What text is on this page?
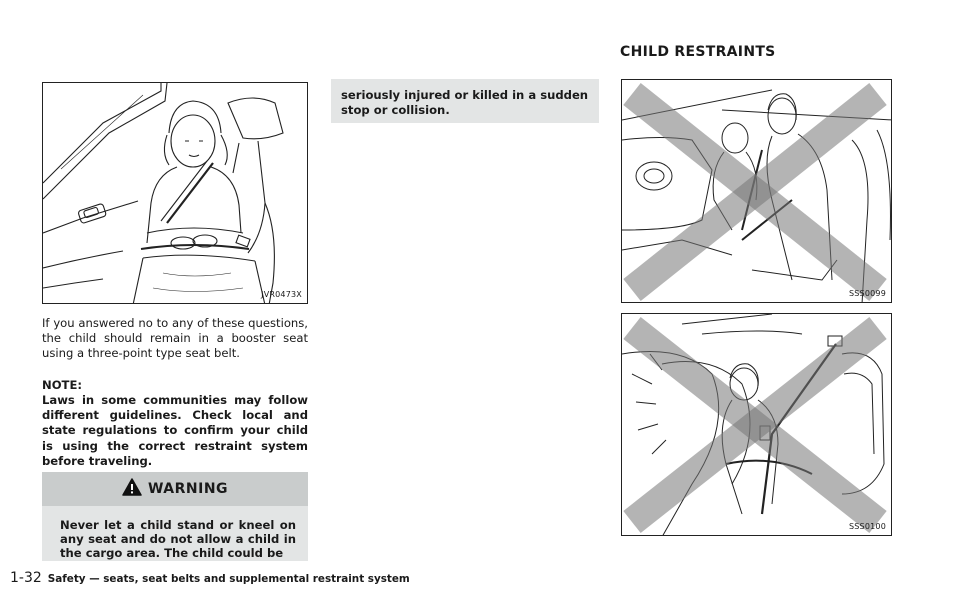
CHILD RESTRAINTS
JVR0473X	SSS0099
SSS0100

If you answered no to any of these questions, the child should remain in a booster seat using a three-point type seat belt.

NOTE:

Laws in some communities may follow different guidelines. Check local and state regulations to confirm your child is using the correct restraint system before traveling.

WARNING
Never let a child stand or kneel on any seat and do not allow a child in the cargo area. The child could be
seriously injured or killed in a sudden stop or collision.
1-32 Safety — seats, seat belts and supplemental restraint system
